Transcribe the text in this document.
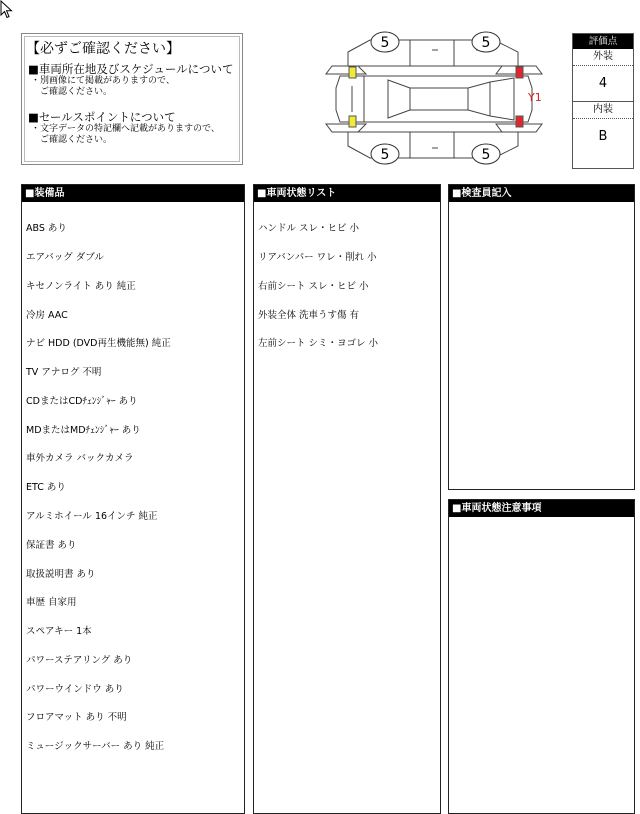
【必ずご確認ください】
■車両所在地及びスケジュールについて
・別画像にて掲載がありますので、
　ご確認ください。
■セールスポイントについて
・文字データの特記欄へ記載がありますので、
　ご確認ください。
5	5
5	5
Y1
評価点
外装
4
内装
B
■装備品

ABS あり

エアバッグ ダブル

キセノンライト あり 純正

冷房 AAC

ナビ HDD (DVD再生機能無) 純正

TV アナログ 不明

CDまたはCDﾁｪﾝｼﾞｬｰ あり

MDまたはMDﾁｪﾝｼﾞｬｰ あり

車外カメラ バックカメラ

ETC あり

アルミホイール 16インチ 純正

保証書 あり

取扱説明書 あり

車歴 自家用

スペアキー 1本

パワーステアリング あり

パワーウインドウ あり

フロアマット あり 不明

ミュージックサーバー あり 純正

■車両状態リスト

ハンドル スレ・ヒビ 小

リアバンパー ワレ・削れ 小

右前シート スレ・ヒビ 小

外装全体 洗車うす傷 有

左前シート シミ・ヨゴレ 小

■検査員記入
■車両状態注意事項
